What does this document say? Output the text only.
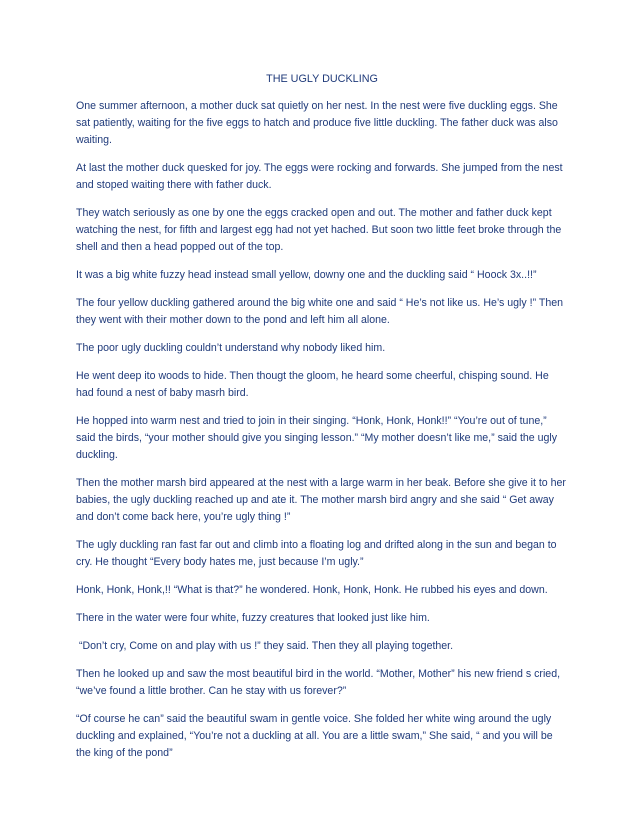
THE UGLY DUCKLING

One summer afternoon, a mother duck sat quietly on her nest. In the nest were five duckling eggs. She sat patiently, waiting for the five eggs to hatch and produce five little duckling. The father duck was also waiting.

At last the mother duck quesked for joy. The eggs were rocking and forwards. She jumped from the nest and stoped waiting there with father duck.

They watch seriously as one by one the eggs cracked open and out. The mother and father duck kept watching the nest, for fifth and largest egg had not yet hached. But soon two little feet broke through the shell and then a head popped out of the top.

It was a big white fuzzy head instead small yellow, downy one and the duckling said “ Hoock 3x..!!”

The four yellow duckling gathered around the big white one and said “ He’s not like us. He’s ugly !” Then they went with their mother down to the pond and left him all alone.

The poor ugly duckling couldn’t understand why nobody liked him.

He went deep ito woods to hide. Then thougt the gloom, he heard some cheerful, chisping sound. He had found a nest of baby masrh bird.

He hopped into warm nest and tried to join in their singing. “Honk, Honk, Honk!!” “You’re out of tune,” said the birds, “your mother should give you singing lesson.” “My mother doesn’t like me,” said the ugly duckling.

Then the mother marsh bird appeared at the nest with a large warm in her beak. Before she give it to her babies, the ugly duckling reached up and ate it. The mother marsh bird angry and she said “ Get away and don’t come back here, you’re ugly thing !”

The ugly duckling ran fast far out and climb into a floating log and drifted along in the sun and began to cry. He thought “Every body hates me, just because I’m ugly.”

Honk, Honk, Honk,!! “What is that?” he wondered. Honk, Honk, Honk. He rubbed his eyes and down.

There in the water were four white, fuzzy creatures that looked just like him.

“Don’t cry, Come on and play with us !” they said. Then they all playing together.

Then he looked up and saw the most beautiful bird in the world. “Mother, Mother” his new friend s cried, “we’ve found a little brother. Can he stay with us forever?”

“Of course he can” said the beautiful swam in gentle voice. She folded her white wing around the ugly duckling and explained, “You’re not a duckling at all. You are a little swam,” She said, “ and you will be the king of the pond”
